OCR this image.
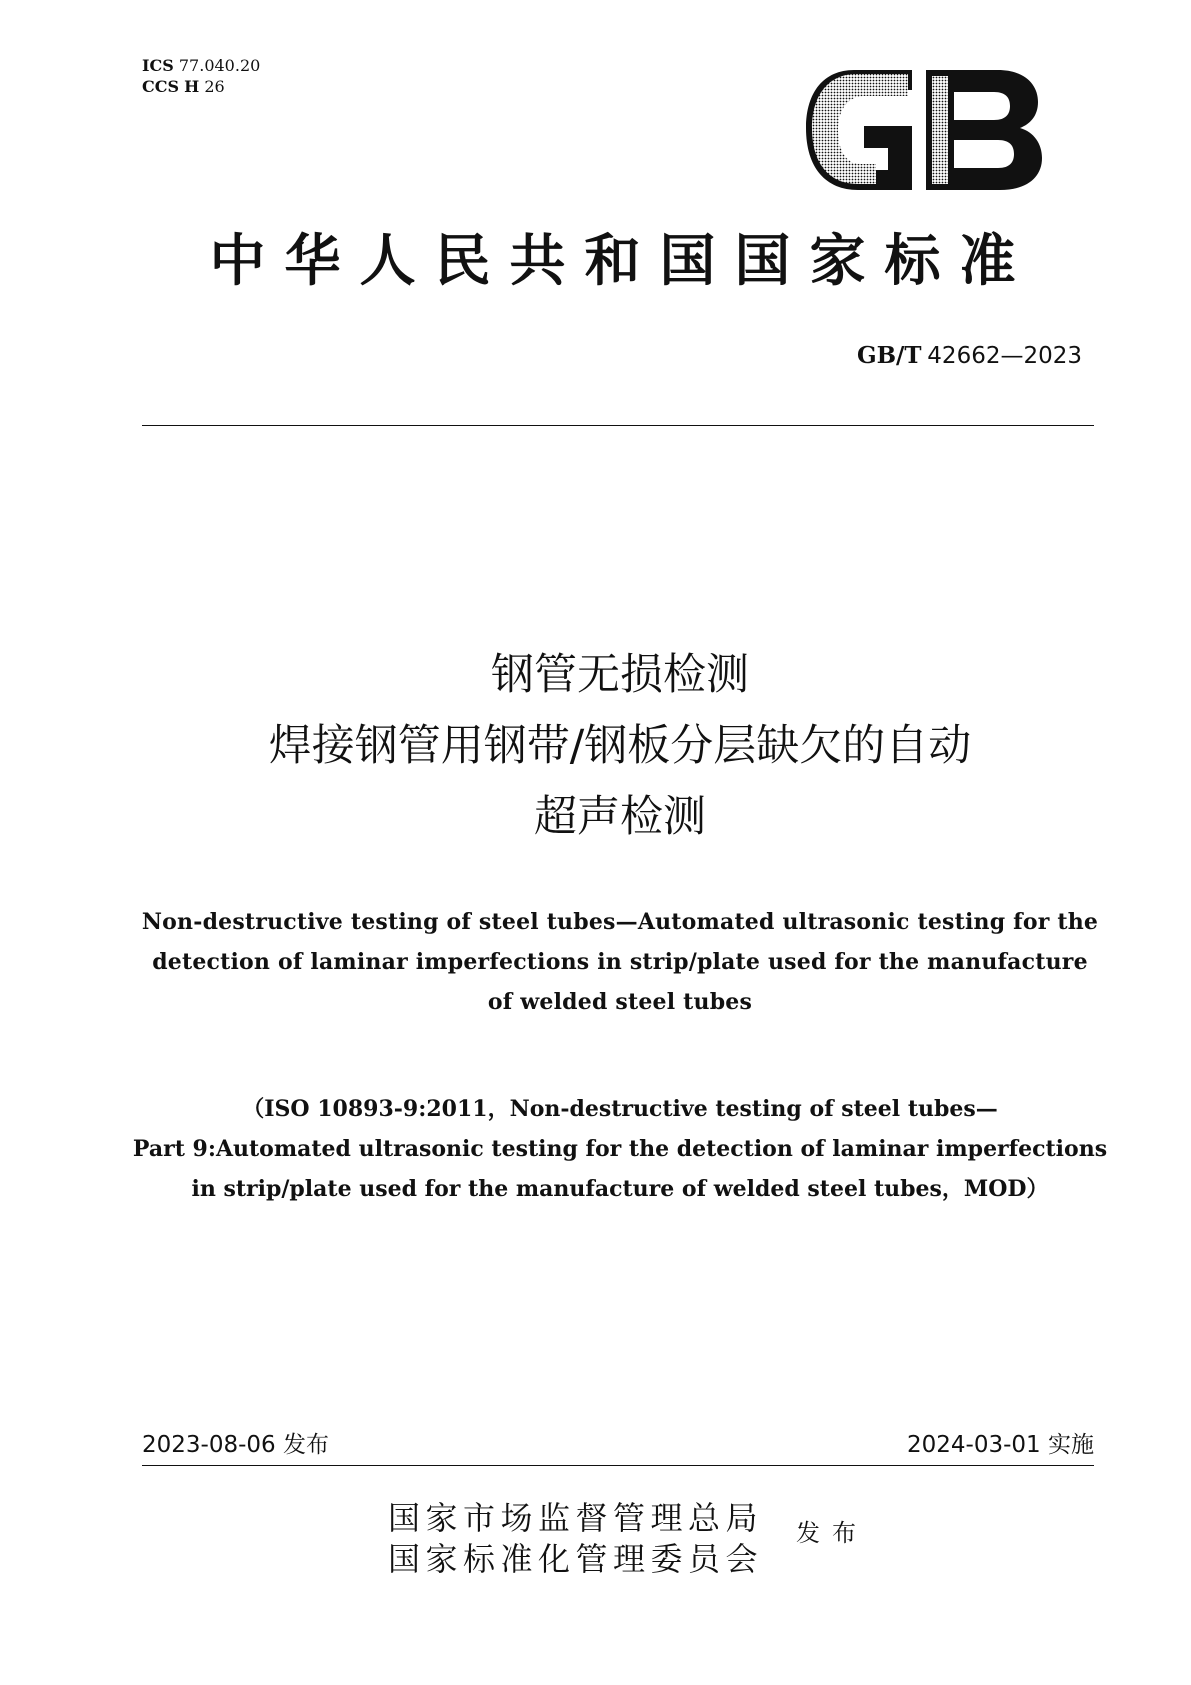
ICS 77.040.20
CCS H 26
中华人民共和国国家标准
GB/T 42662—2023
钢管无损检测
焊接钢管用钢带/钢板分层缺欠的自动
超声检测
Non-destructive testing of steel tubes—Automated ultrasonic testing for the
detection of laminar imperfections in strip/plate used for the manufacture
of welded steel tubes
（ISO 10893-9:2011，Non-destructive testing of steel tubes—
Part 9:Automated ultrasonic testing for the detection of laminar imperfections
in strip/plate used for the manufacture of welded steel tubes，MOD）
2023-08-06 发布	2024-03-01 实施
国家市场监督管理总局
国家标准化管理委员会
发布
